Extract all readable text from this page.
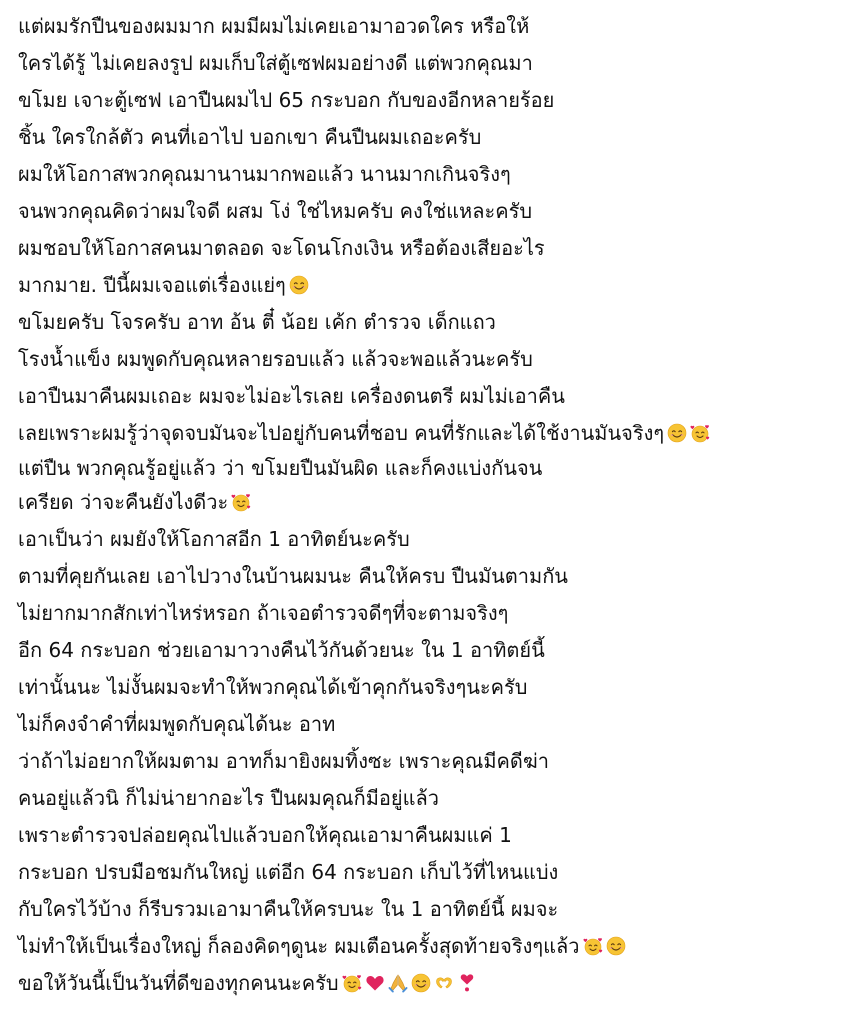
แต่ผมรักปืนของผมมาก ผมมีผมไม่เคยเอามาอวดใคร หรือให้
ใครได้รู้ ไม่เคยลงรูป ผมเก็บใส่ตู้เซฟผมอย่างดี แต่พวกคุณมา
ขโมย เจาะตู้เซฟ เอาปืนผมไป 65 กระบอก กับของอีกหลายร้อย
ชิ้น ใครใกล้ตัว คนที่เอาไป บอกเขา คืนปืนผมเถอะครับ
ผมให้โอกาสพวกคุณมานานมากพอแล้ว นานมากเกินจริงๆ
จนพวกคุณคิดว่าผมใจดี ผสม โง่ ใช่ไหมครับ คงใช่แหละครับ
ผมชอบให้โอกาสคนมาตลอด จะโดนโกงเงิน หรือต้องเสียอะไร
มากมาย. ปีนี้ผมเจอแต่เรื่องแย่ๆ
ขโมยครับ โจรครับ อาท อ้น ตี๋ น้อย เค้ก ตำรวจ เด็กแถว
โรงน้ำแข็ง ผมพูดกับคุณหลายรอบแล้ว แล้วจะพอแล้วนะครับ
เอาปืนมาคืนผมเถอะ ผมจะไม่อะไรเลย เครื่องดนตรี ผมไม่เอาคืน
เลยเพราะผมรู้ว่าจุดจบมันจะไปอยู่กับคนที่ชอบ คนที่รักและได้ใช้งานมันจริงๆ
แต่ปืน พวกคุณรู้อยู่แล้ว ว่า ขโมยปืนมันผิด และก็คงแบ่งกันจน
เครียด ว่าจะคืนยังไงดีวะ
เอาเป็นว่า ผมยังให้โอกาสอีก 1 อาทิตย์นะครับ
ตามที่คุยกันเลย เอาไปวางในบ้านผมนะ คืนให้ครบ ปืนมันตามกัน
ไม่ยากมากสักเท่าไหร่หรอก ถ้าเจอตำรวจดีๆที่จะตามจริงๆ
อีก 64 กระบอก ช่วยเอามาวางคืนไว้กันด้วยนะ ใน 1 อาทิตย์นี้
เท่านั้นนะ ไม่งั้นผมจะทำให้พวกคุณได้เข้าคุกกันจริงๆนะครับ
ไม่ก็คงจำคำที่ผมพูดกับคุณได้นะ อาท
ว่าถ้าไม่อยากให้ผมตาม อาทก็มายิงผมทิ้งซะ เพราะคุณมีคดีฆ่า
คนอยู่แล้วนิ ก็ไม่น่ายากอะไร ปืนผมคุณก็มีอยู่แล้ว
เพราะตำรวจปล่อยคุณไปแล้วบอกให้คุณเอามาคืนผมแค่ 1
กระบอก ปรบมือชมกันใหญ่ แต่อีก 64 กระบอก เก็บไว้ที่ไหนแบ่ง
กับใครไว้บ้าง ก็รีบรวมเอามาคืนให้ครบนะ ใน 1 อาทิตย์นี้ ผมจะ
ไม่ทำให้เป็นเรื่องใหญ่ ก็ลองคิดๆดูนะ ผมเตือนครั้งสุดท้ายจริงๆแล้ว
ขอให้วันนี้เป็นวันที่ดีของทุกคนนะครับ
